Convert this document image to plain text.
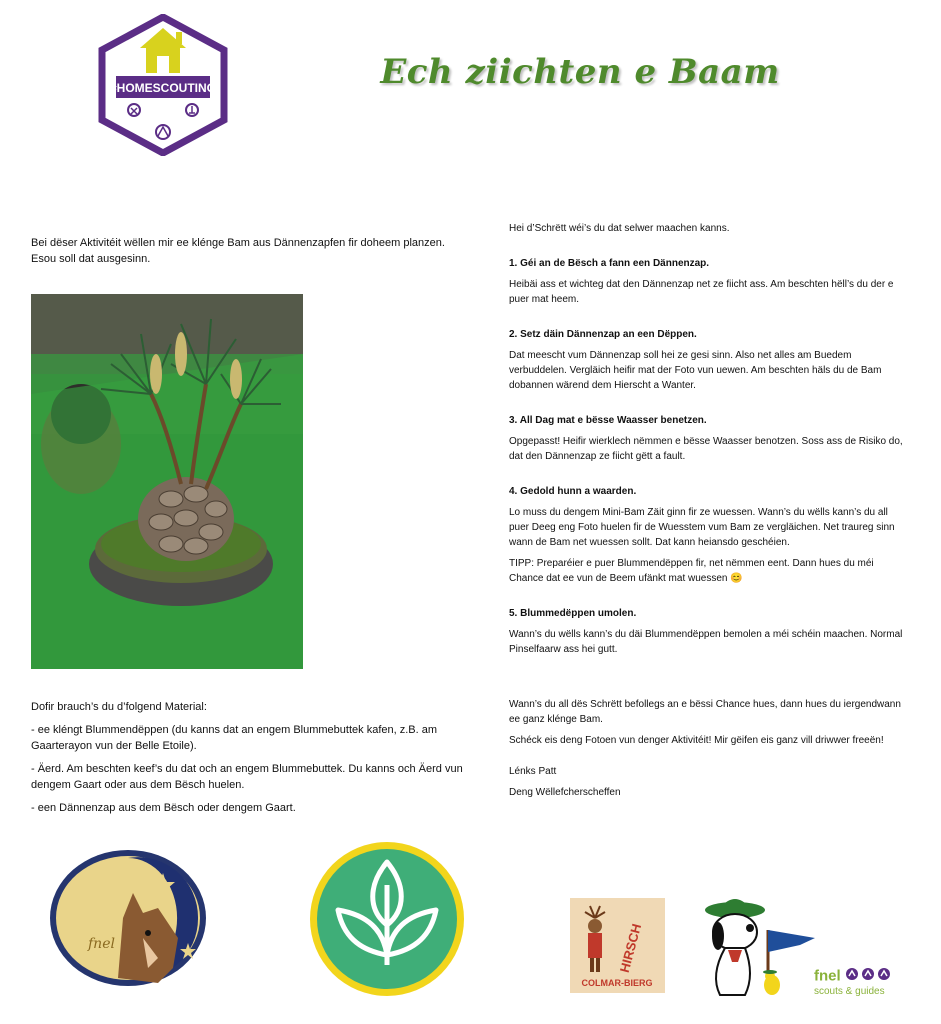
#HOMESCOUTING	Ech ziichten e Baam
Bei dëser Aktivitéit wëllen mir ee kléngе Bam aus Dännenzapfen fir doheem planzen.
Esou soll dat ausgesinn.

Dofir brauch’s du d’folgend Material:

- ee kléngt Blummendëppen (du kanns dat an engem Blummebuttek kafen, z.B. am Gaarterayon vun der Belle Etoile).

- Äerd. Am beschten keef’s du dat och an engem Blummebuttek. Du kanns och Äerd vun dengem Gaart oder aus dem Bësch huelen.

- een Dännenzap aus dem Bësch oder dengem Gaart.

Hei d’Schrëtt wéi’s du dat selwer maachen kanns.

1. Géi an de Bësch a fann een Dännenzap.

Heibäi ass et wichteg dat den Dännenzap net ze fiicht ass. Am beschten hëll’s du der e puer mat heem.

2. Setz däin Dännenzap an een Dëppen.

Dat meescht vum Dännenzap soll hei ze gesi sinn. Also net alles am Buedem verbuddelen. Vergläich heifir mat der Foto vun uewen. Am beschten häls du de Bam dobannen wärend dem Hierscht a Wanter.

3. All Dag mat e bësse Waasser benetzen.

Opgepasst! Heifir wierklech nëmmen e bësse Waasser benotzen. Soss ass de Risiko do, dat den Dännenzap ze fiicht gëtt a fault.

4. Gedold hunn a waarden.

Lo muss du dengem Mini-Bam Zäit ginn fir ze wuessen. Wann’s du wëlls kann’s du all puer Deeg eng Foto huelen fir de Wuesstem vum Bam ze vergläichen. Net traureg sinn wann de Bam net wuessen sollt. Dat kann heiansdo geschéien.

TIPP: Preparéier e puer Blummendëppen fir, net nëmmen eent. Dann hues du méi Chance dat ee vun de Beem ufänkt mat wuessen 😊

5. Blummedëppen umolen.

Wann’s du wëlls kann’s du däi Blummendëppen bemolen a méi schéin maachen. Normal Pinselfaarw ass hei gutt.

Wann’s du all dës Schrëtt befollegs an e bëssi Chance hues, dann hues du iergendwann ee ganz klénge Bam.

Schéck eis deng Fotoen vun denger Aktivitéit! Mir gëifen eis ganz vill driwwer freeën!

Lénks Patt

Deng Wëllefcherscheffen

fnel	HIRSCH
COLMAR-BIERG	fnel
scouts & guides
